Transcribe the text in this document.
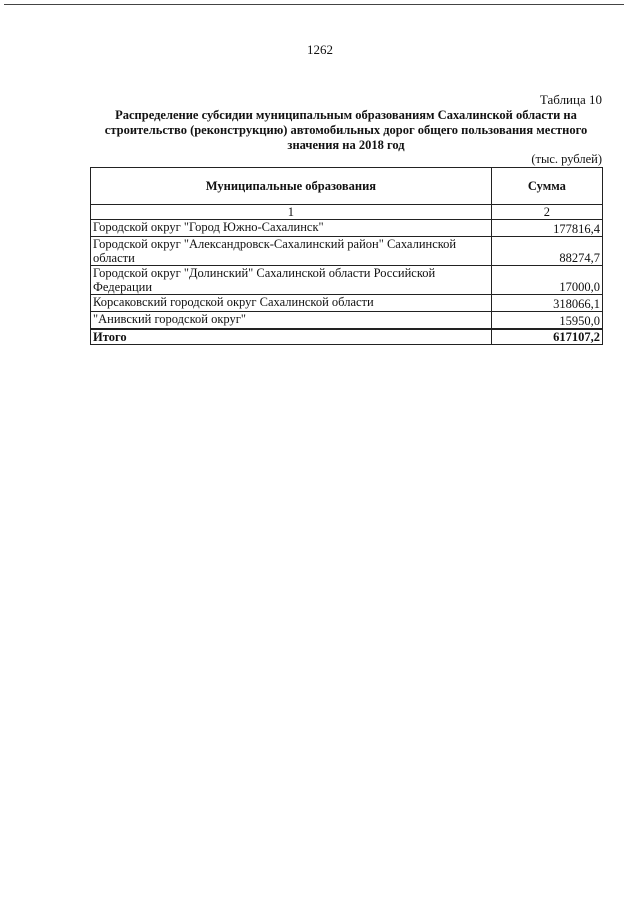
1262
Таблица 10
Распределение субсидии муниципальным образованиям Сахалинской области на строительство (реконструкцию) автомобильных дорог общего пользования местного значения на 2018 год
(тыс. рублей)
Муниципальные образования	Сумма
1	2
Городской округ "Город Южно-Сахалинск"	177816,4
Городской округ "Александровск-Сахалинский район" Сахалинской области	88274,7
Городской округ "Долинский" Сахалинской области Российской Федерации	17000,0
Корсаковский городской округ Сахалинской области	318066,1
"Анивский городской округ"	15950,0
Итого	617107,2
